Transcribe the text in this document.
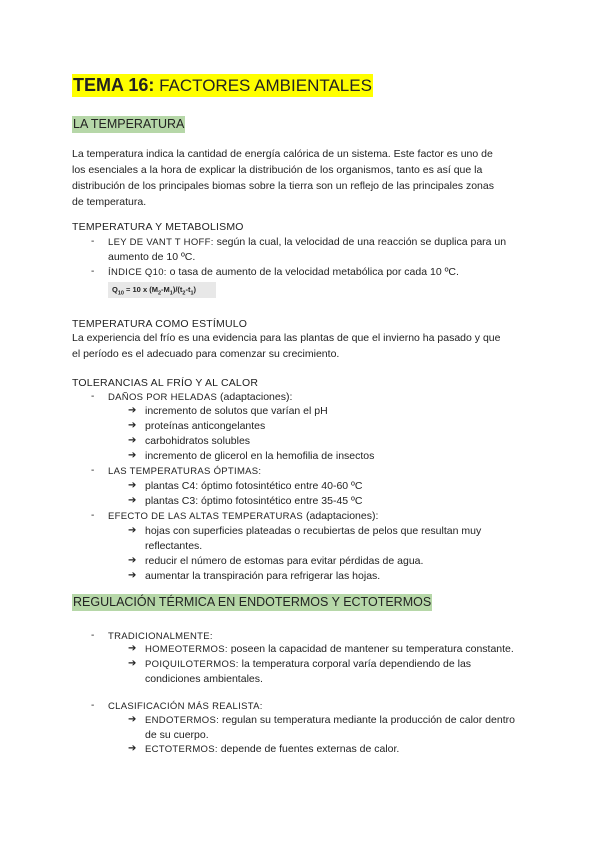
TEMA 16: FACTORES AMBIENTALES
LA TEMPERATURA
La temperatura indica la cantidad de energía calórica de un sistema. Este factor es uno de
los esenciales a la hora de explicar la distribución de los organismos, tanto es así que la
distribución de los principales biomas sobre la tierra son un reflejo de las principales zonas
de temperatura.
TEMPERATURA Y METABOLISMO
- LEY DE VANT T HOFF: según la cual, la velocidad de una reacción se duplica para un
aumento de 10 ºC.
- ÍNDICE Q10: o tasa de aumento de la velocidad metabólica por cada 10 ºC.
$Q_{10} = 10$ x $(M_2-M_1)/(t_2-t_1)$
TEMPERATURA COMO ESTÍMULO
La experiencia del frío es una evidencia para las plantas de que el invierno ha pasado y que
el período es el adecuado para comenzar su crecimiento.
TOLERANCIAS AL FRÍO Y AL CALOR
- DAÑOS POR HELADAS (adaptaciones):
➔ incremento de solutos que varían el pH
➔ proteínas anticongelantes
➔ carbohidratos solubles
➔ incremento de glicerol en la hemofilia de insectos
- LAS TEMPERATURAS ÓPTIMAS:
➔ plantas C4: óptimo fotosintético entre 40-60 ºC
➔ plantas C3: óptimo fotosintético entre 35-45 ºC
- EFECTO DE LAS ALTAS TEMPERATURAS (adaptaciones):
➔ hojas con superficies plateadas o recubiertas de pelos que resultan muy
reflectantes.
➔ reducir el número de estomas para evitar pérdidas de agua.
➔ aumentar la transpiración para refrigerar las hojas.
REGULACIÓN TÉRMICA EN ENDOTERMOS Y ECTOTERMOS
- TRADICIONALMENTE:
➔ HOMEOTERMOS: poseen la capacidad de mantener su temperatura constante.
➔ POIQUILOTERMOS: la temperatura corporal varía dependiendo de las
condiciones ambientales.
- CLASIFICACIÓN MÁS REALISTA:
➔ ENDOTERMOS: regulan su temperatura mediante la producción de calor dentro
de su cuerpo.
➔ ECTOTERMOS: depende de fuentes externas de calor.
